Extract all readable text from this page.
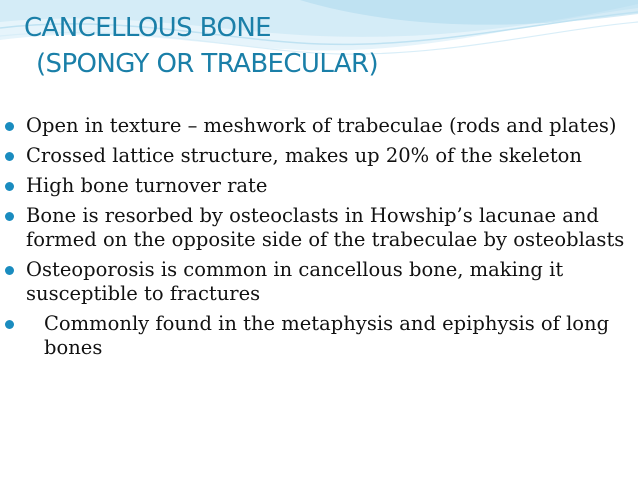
CANCELLOUS BONE
(SPONGY OR TRABECULAR)
Open in texture – meshwork of trabeculae (rods and plates)
Crossed lattice structure, makes up 20% of the skeleton
High bone turnover rate
Bone is resorbed by osteoclasts in Howship’s lacunae and formed on the opposite side of the trabeculae by osteoblasts
Osteoporosis is common in cancellous bone, making it susceptible to fractures
Commonly found in the metaphysis and epiphysis of long bones
